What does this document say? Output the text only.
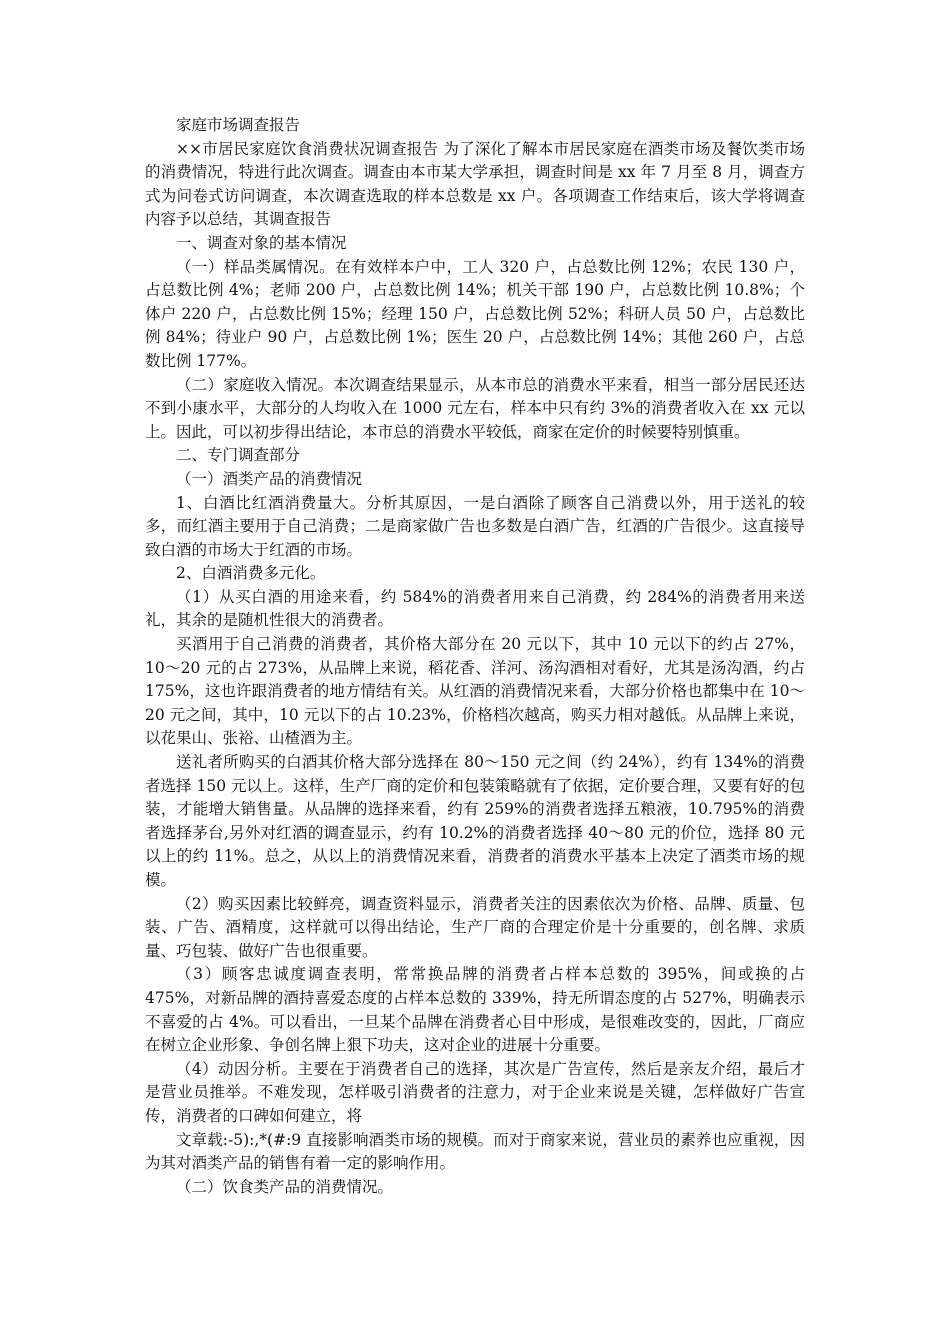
家庭市场调查报告

××市居民家庭饮食消费状况调查报告 为了深化了解本市居民家庭在酒类市场及餐饮类市场的消费情况，特进行此次调查。调查由本市某大学承担，调查时间是 xx 年 7 月至 8 月，调查方式为问卷式访问调查，本次调查选取的样本总数是 xx 户。各项调查工作结束后，该大学将调查内容予以总结，其调查报告

一、调查对象的基本情况

（一）样品类属情况。在有效样本户中，工人 320 户，占总数比例 12%；农民 130 户，占总数比例 4%；老师 200 户，占总数比例 14%；机关干部 190 户，占总数比例 10.8%；个体户 220 户，占总数比例 15%；经理 150 户，占总数比例 52%；科研人员 50 户，占总数比例 84%；待业户 90 户，占总数比例 1%；医生 20 户，占总数比例 14%；其他 260 户，占总数比例 177%。

（二）家庭收入情况。本次调查结果显示，从本市总的消费水平来看，相当一部分居民还达不到小康水平，大部分的人均收入在 1000 元左右，样本中只有约 3%的消费者收入在 xx 元以上。因此，可以初步得出结论，本市总的消费水平较低，商家在定价的时候要特别慎重。

二、专门调查部分

（一）酒类产品的消费情况

1、白酒比红酒消费量大。分析其原因，一是白酒除了顾客自己消费以外，用于送礼的较多，而红酒主要用于自己消费；二是商家做广告也多数是白酒广告，红酒的广告很少。这直接导致白酒的市场大于红酒的市场。

2、白酒消费多元化。

（1）从买白酒的用途来看，约 584%的消费者用来自己消费，约 284%的消费者用来送礼，其余的是随机性很大的消费者。

买酒用于自己消费的消费者，其价格大部分在 20 元以下，其中 10 元以下的约占 27%，10～20 元的占 273%，从品牌上来说，稻花香、洋河、汤沟酒相对看好，尤其是汤沟酒，约占 175%，这也许跟消费者的地方情结有关。从红酒的消费情况来看，大部分价格也都集中在 10～20 元之间，其中，10 元以下的占 10.23%，价格档次越高，购买力相对越低。从品牌上来说，以花果山、张裕、山楂酒为主。

送礼者所购买的白酒其价格大部分选择在 80～150 元之间（约 24%），约有 134%的消费者选择 150 元以上。这样，生产厂商的定价和包装策略就有了依据，定价要合理，又要有好的包装，才能增大销售量。从品牌的选择来看，约有 259%的消费者选择五粮液，10.795%的消费者选择茅台,另外对红酒的调查显示，约有 10.2%的消费者选择 40～80 元的价位，选择 80 元以上的约 11%。总之，从以上的消费情况来看，消费者的消费水平基本上决定了酒类市场的规模。

（2）购买因素比较鲜亮，调查资料显示，消费者关注的因素依次为价格、品牌、质量、包装、广告、酒精度，这样就可以得出结论，生产厂商的合理定价是十分重要的，创名牌、求质量、巧包装、做好广告也很重要。

（3）顾客忠诚度调查表明，常常换品牌的消费者占样本总数的 395%，间或换的占 475%，对新品牌的酒持喜爱态度的占样本总数的 339%，持无所谓态度的占 527%，明确表示不喜爱的占 4%。可以看出，一旦某个品牌在消费者心目中形成，是很难改变的，因此，厂商应在树立企业形象、争创名牌上狠下功夫，这对企业的进展十分重要。

（4）动因分析。主要在于消费者自己的选择，其次是广告宣传，然后是亲友介绍，最后才是营业员推举。不难发现，怎样吸引消费者的注意力，对于企业来说是关键，怎样做好广告宣传，消费者的口碑如何建立，将

文章载:-5):,*(#:9 直接影响酒类市场的规模。而对于商家来说，营业员的素养也应重视，因为其对酒类产品的销售有着一定的影响作用。

（二）饮食类产品的消费情况。
